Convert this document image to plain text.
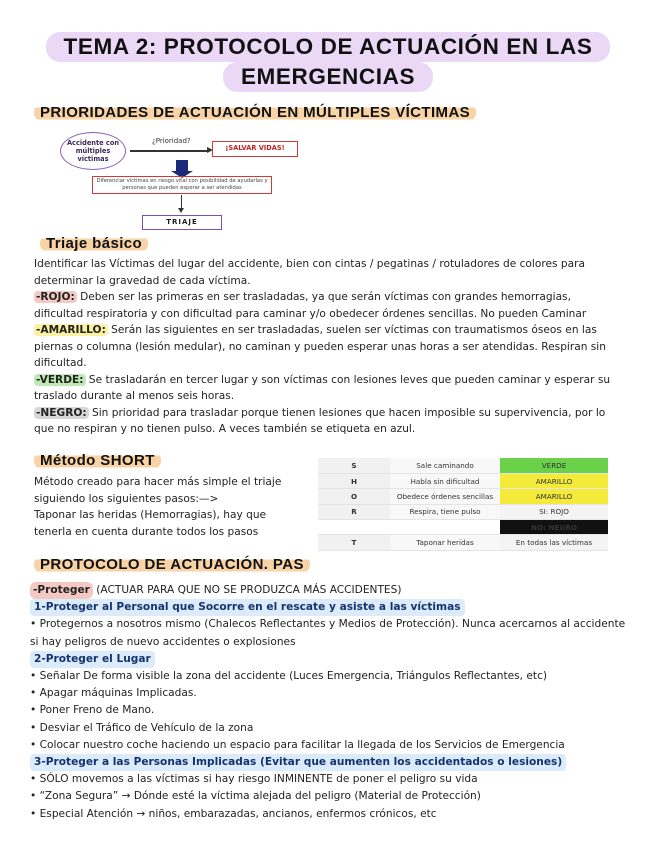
TEMA 2: PROTOCOLO DE ACTUACIÓN EN LAS
EMERGENCIAS
PRIORIDADES DE ACTUACIÓN EN MÚLTIPLES VÍCTIMAS
Accidente con múltiples víctimas
¿Prioridad?
¡SALVAR VIDAS!
Diferenciar víctimas en riesgo vital con posibilidad de ayudarlas y personas que pueden esperar a ser atendidas
TRIAJE
Triaje básico
Identificar las Víctimas del lugar del accidente, bien con cintas / pegatinas / rotuladores de colores para determinar la gravedad de cada víctima.
-ROJO: Deben ser las primeras en ser trasladadas, ya que serán víctimas con grandes hemorragias, dificultad respiratoria y con dificultad para caminar y/o obedecer órdenes sencillas. No pueden Caminar
-AMARILLO: Serán las siguientes en ser trasladadas, suelen ser víctimas con traumatismos óseos en las piernas o columna (lesión medular), no caminan y pueden esperar unas horas a ser atendidas. Respiran sin dificultad.
-VERDE: Se trasladarán en tercer lugar y son víctimas con lesiones leves que pueden caminar y esperar su traslado durante al menos seis horas.
-NEGRO: Sin prioridad para trasladar porque tienen lesiones que hacen imposible su supervivencia, por lo que no respiran y no tienen pulso. A veces también se etiqueta en azul.
Método SHORT
Método creado para hacer más simple el triaje siguiendo los siguientes pasos:—>
Taponar las heridas (Hemorragias), hay que tenerla en cuenta durante todos los pasos
S	Sale caminando	VERDE
H	Habla sin dificultad	AMARILLO
O	Obedece órdenes sencillas	AMARILLO
R	Respira, tiene pulso	SI: ROJO
		NO: NEGRO
T	Taponar heridas	En todas las víctimas
PROTOCOLO DE ACTUACIÓN. PAS
-Proteger (ACTUAR PARA QUE NO SE PRODUZCA MÁS ACCIDENTES)
1-Proteger al Personal que Socorre en el rescate y asiste a las víctimas
• Protegernos a nosotros mismo (Chalecos Reflectantes y Medios de Protección). Nunca acercarnos al accidente si hay peligros de nuevo accidentes o explosiones
2-Proteger el Lugar
• Señalar De forma visible la zona del accidente (Luces Emergencia, Triángulos Reflectantes, etc)
• Apagar máquinas Implicadas.
• Poner Freno de Mano.
• Desviar el Tráfico de Vehículo de la zona
• Colocar nuestro coche haciendo un espacio para facilitar la llegada de los Servicios de Emergencia
3-Proteger a las Personas Implicadas (Evitar que aumenten los accidentados o lesiones)
• SÓLO movemos a las víctimas si hay riesgo INMINENTE de poner el peligro su vida
• “Zona Segura” → Dónde esté la víctima alejada del peligro (Material de Protección)
• Especial Atención → niños, embarazadas, ancianos, enfermos crónicos, etc
